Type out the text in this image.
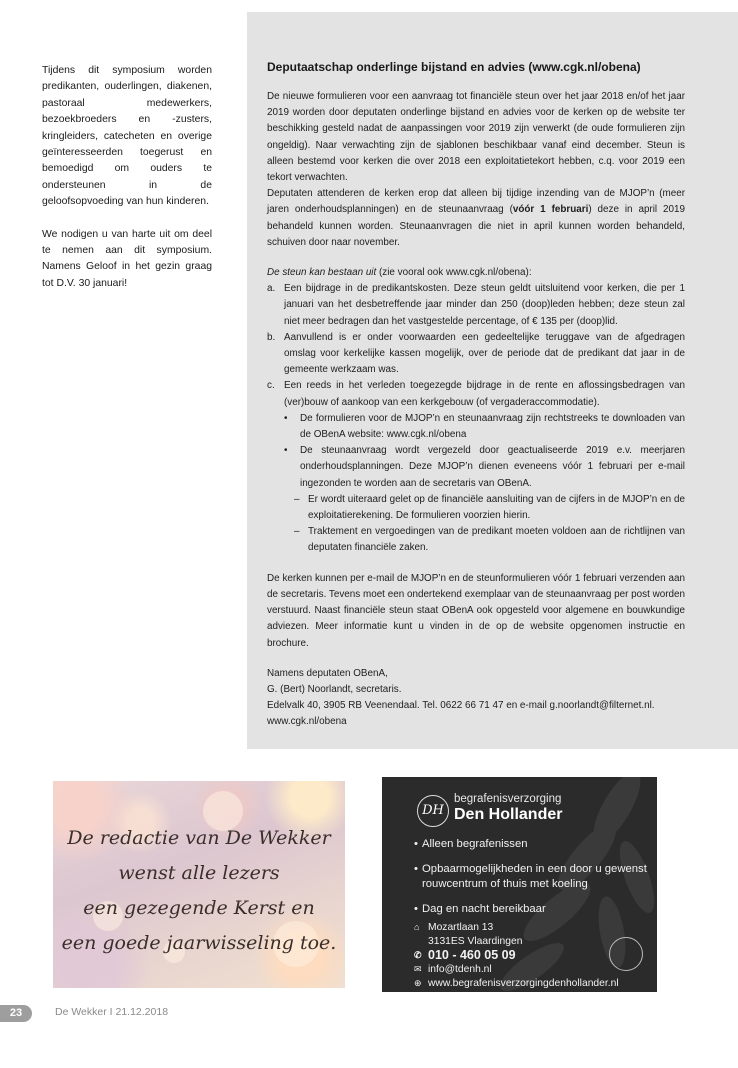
Tijdens dit symposium worden predikanten, ouderlingen, diakenen, pastoraal medewerkers, bezoekbroeders en -zusters, kringleiders, catecheten en overige geïnteresseerden toegerust en bemoedigd om ouders te ondersteunen in de geloofsopvoeding van hun kinderen.

We nodigen u van harte uit om deel te nemen aan dit symposium. Namens Geloof in het gezin graag tot D.V. 30 januari!

Deputaatschap onderlinge bijstand en advies (www.cgk.nl/obena)

De nieuwe formulieren voor een aanvraag tot financiële steun over het jaar 2018 en/of het jaar 2019 worden door deputaten onderlinge bijstand en advies voor de kerken op de website ter beschikking gesteld nadat de aanpassingen voor 2019 zijn verwerkt (de oude formulieren zijn ongeldig). Naar verwachting zijn de sjablonen beschikbaar vanaf eind december. Steun is alleen bestemd voor kerken die over 2018 een exploitatietekort hebben, c.q. voor 2019 een tekort verwachten.

Deputaten attenderen de kerken erop dat alleen bij tijdige inzending van de MJOP’n (meer jaren onderhoudsplanningen) en de steunaanvraag (vóór 1 februari) deze in april 2019 behandeld kunnen worden. Steunaanvragen die niet in april kunnen worden behandeld, schuiven door naar november.

De steun kan bestaan uit (zie vooral ook www.cgk.nl/obena):

a. Een bijdrage in de predikantskosten. Deze steun geldt uitsluitend voor kerken, die per 1 januari van het desbetreffende jaar minder dan 250 (doop)leden hebben; deze steun zal niet meer bedragen dan het vastgestelde percentage, of € 135 per (doop)lid.
b. Aanvullend is er onder voorwaarden een gedeeltelijke teruggave van de afgedragen omslag voor kerkelijke kassen mogelijk, over de periode dat de predikant dat jaar in de gemeente werkzaam was.
c. Een reeds in het verleden toegezegde bijdrage in de rente en aflossingsbedragen van (ver)bouw of aankoop van een kerkgebouw (of vergaderaccommodatie).
• De formulieren voor de MJOP’n en steunaanvraag zijn rechtstreeks te downloaden van de OBenA website: www.cgk.nl/obena
• De steunaanvraag wordt vergezeld door geactualiseerde 2019 e.v. meerjaren onderhoudsplanningen. Deze MJOP’n dienen eveneens vóór 1 februari per e-mail ingezonden te worden aan de secretaris van OBenA.
– Er wordt uiteraard gelet op de financiële aansluiting van de cijfers in de MJOP’n en de exploitatierekening. De formulieren voorzien hierin.
– Traktement en vergoedingen van de predikant moeten voldoen aan de richtlijnen van deputaten financiële zaken.

De kerken kunnen per e-mail de MJOP’n en de steunformulieren vóór 1 februari verzenden aan de secretaris. Tevens moet een ondertekend exemplaar van de steunaanvraag per post worden verstuurd. Naast financiële steun staat OBenA ook opgesteld voor algemene en bouwkundige adviezen. Meer informatie kunt u vinden in de op de website opgenomen instructie en brochure.

Namens deputaten OBenA,

G. (Bert) Noorlandt, secretaris.

Edelvalk 40, 3905 RB Veenendaal. Tel. 0622 66 71 47 en e-mail g.noorlandt@filternet.nl.

www.cgk.nl/obena

De redactie van De Wekker
wenst alle lezers
een gezegende Kerst en
een goede jaarwisseling toe.
DH
begrafenisverzorging
Den Hollander
• Alleen begrafenissen
• Opbaarmogelijkheden in een door u gewenst rouwcentrum of thuis met koeling
• Dag en nacht bereikbaar
⌂ Mozartlaan 13
3131ES Vlaardingen
✆ 010 - 460 05 09
✉ info@tdenh.nl
⊕ www.begrafenisverzorgingdenhollander.nl
23	De Wekker I 21.12.2018
